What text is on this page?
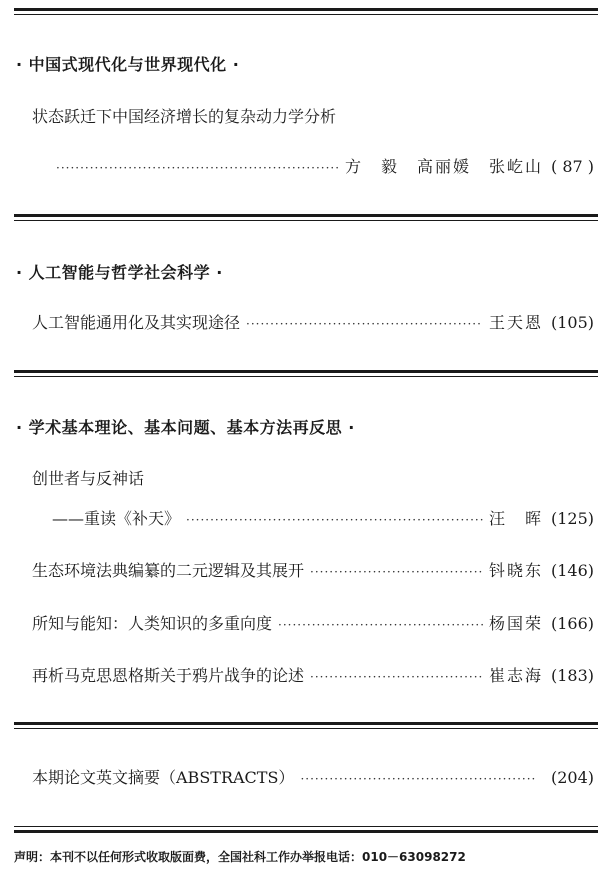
· 中国式现代化与世界现代化 ·
状态跃迁下中国经济增长的复杂动力学分析
·····
方　毅　高丽媛　张屹山 ( 87 )
· 人工智能与哲学社会科学 ·
人工智能通用化及其实现途径 ·····	王天恩 (105)
· 学术基本理论、基本问题、基本方法再反思 ·
创世者与反神话
——重读《补天》 ·····	汪　晖 (125)
生态环境法典编纂的二元逻辑及其展开 ·····	钭晓东 (146)
所知与能知：人类知识的多重向度 ·····	杨国荣 (166)
再析马克思恩格斯关于鸦片战争的论述 ·····	崔志海 (183)
本期论文英文摘要（ABSTRACTS） ·····	(204)
声明：本刊不以任何形式收取版面费，全国社科工作办举报电话：010－63098272
